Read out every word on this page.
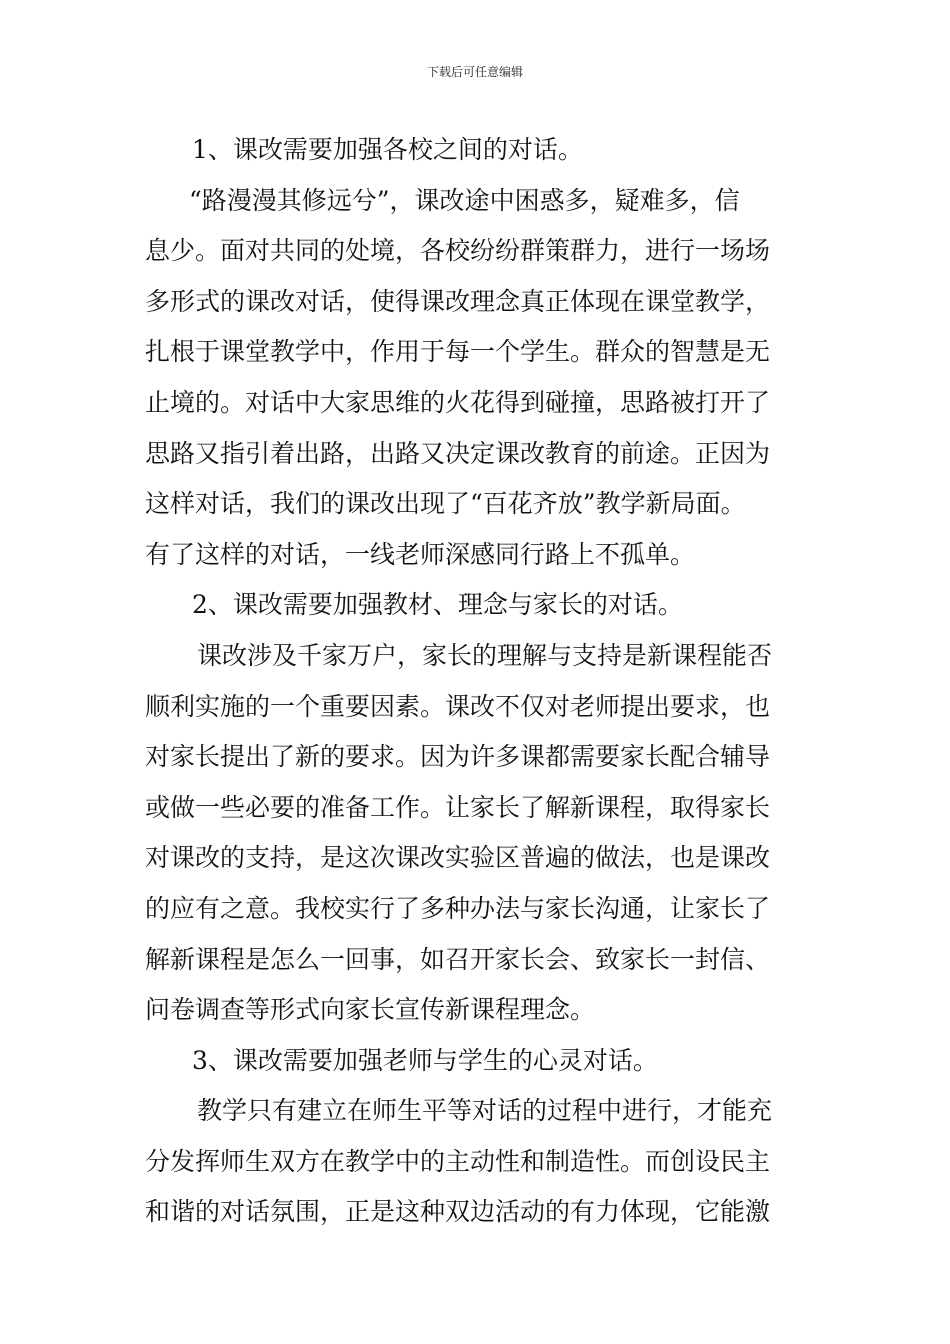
下载后可任意编辑
1、课改需要加强各校之间的对话。
“路漫漫其修远兮”，课改途中困惑多，疑难多，信
息少。面对共同的处境，各校纷纷群策群力，进行一场场
多形式的课改对话，使得课改理念真正体现在课堂教学，
扎根于课堂教学中，作用于每一个学生。群众的智慧是无
止境的。对话中大家思维的火花得到碰撞，思路被打开了
思路又指引着出路，出路又决定课改教育的前途。正因为
这样对话，我们的课改出现了“百花齐放”教学新局面。
有了这样的对话，一线老师深感同行路上不孤单。
2、课改需要加强教材、理念与家长的对话。
课改涉及千家万户，家长的理解与支持是新课程能否
顺利实施的一个重要因素。课改不仅对老师提出要求，也
对家长提出了新的要求。因为许多课都需要家长配合辅导
或做一些必要的准备工作。让家长了解新课程，取得家长
对课改的支持，是这次课改实验区普遍的做法，也是课改
的应有之意。我校实行了多种办法与家长沟通，让家长了
解新课程是怎么一回事，如召开家长会、致家长一封信、
问卷调查等形式向家长宣传新课程理念。
3、课改需要加强老师与学生的心灵对话。
教学只有建立在师生平等对话的过程中进行，才能充
分发挥师生双方在教学中的主动性和制造性。而创设民主
和谐的对话氛围，正是这种双边活动的有力体现，它能激
